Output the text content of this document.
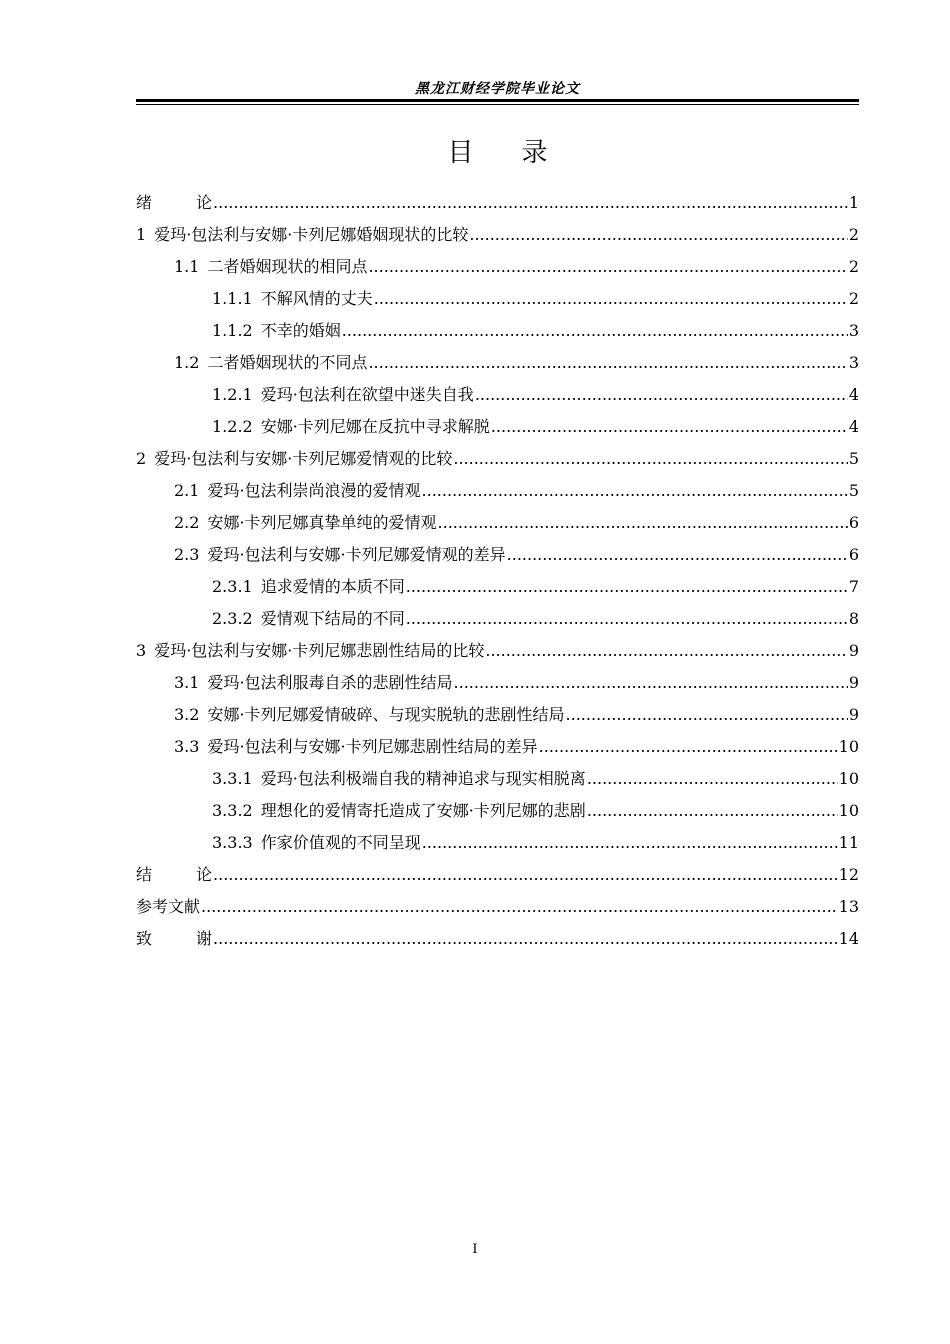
黑龙江财经学院毕业论文
目录
绪	论 .....	1
1 爱玛·包法利与安娜·卡列尼娜婚姻现状的比较 .....	2
1.1 二者婚姻现状的相同点 .....	2
1.1.1 不解风情的丈夫 .....	2
1.1.2 不幸的婚姻 .....	3
1.2 二者婚姻现状的不同点 .....	3
1.2.1 爱玛·包法利在欲望中迷失自我 .....	4
1.2.2 安娜·卡列尼娜在反抗中寻求解脱 .....	4
2 爱玛·包法利与安娜·卡列尼娜爱情观的比较 .....	5
2.1 爱玛·包法利崇尚浪漫的爱情观 .....	5
2.2 安娜·卡列尼娜真挚单纯的爱情观 .....	6
2.3 爱玛·包法利与安娜·卡列尼娜爱情观的差异 .....	6
2.3.1 追求爱情的本质不同 .....	7
2.3.2 爱情观下结局的不同 .....	8
3 爱玛·包法利与安娜·卡列尼娜悲剧性结局的比较 .....	9
3.1 爱玛·包法利服毒自杀的悲剧性结局 .....	9
3.2 安娜·卡列尼娜爱情破碎、与现实脱轨的悲剧性结局 .....	9
3.3 爱玛·包法利与安娜·卡列尼娜悲剧性结局的差异 .....	10
3.3.1 爱玛·包法利极端自我的精神追求与现实相脱离 .....	10
3.3.2 理想化的爱情寄托造成了安娜·卡列尼娜的悲剧 .....	10
3.3.3 作家价值观的不同呈现 .....	11
结	论 .....	12
参考文献 .....	13
致	谢 .....	14
I
